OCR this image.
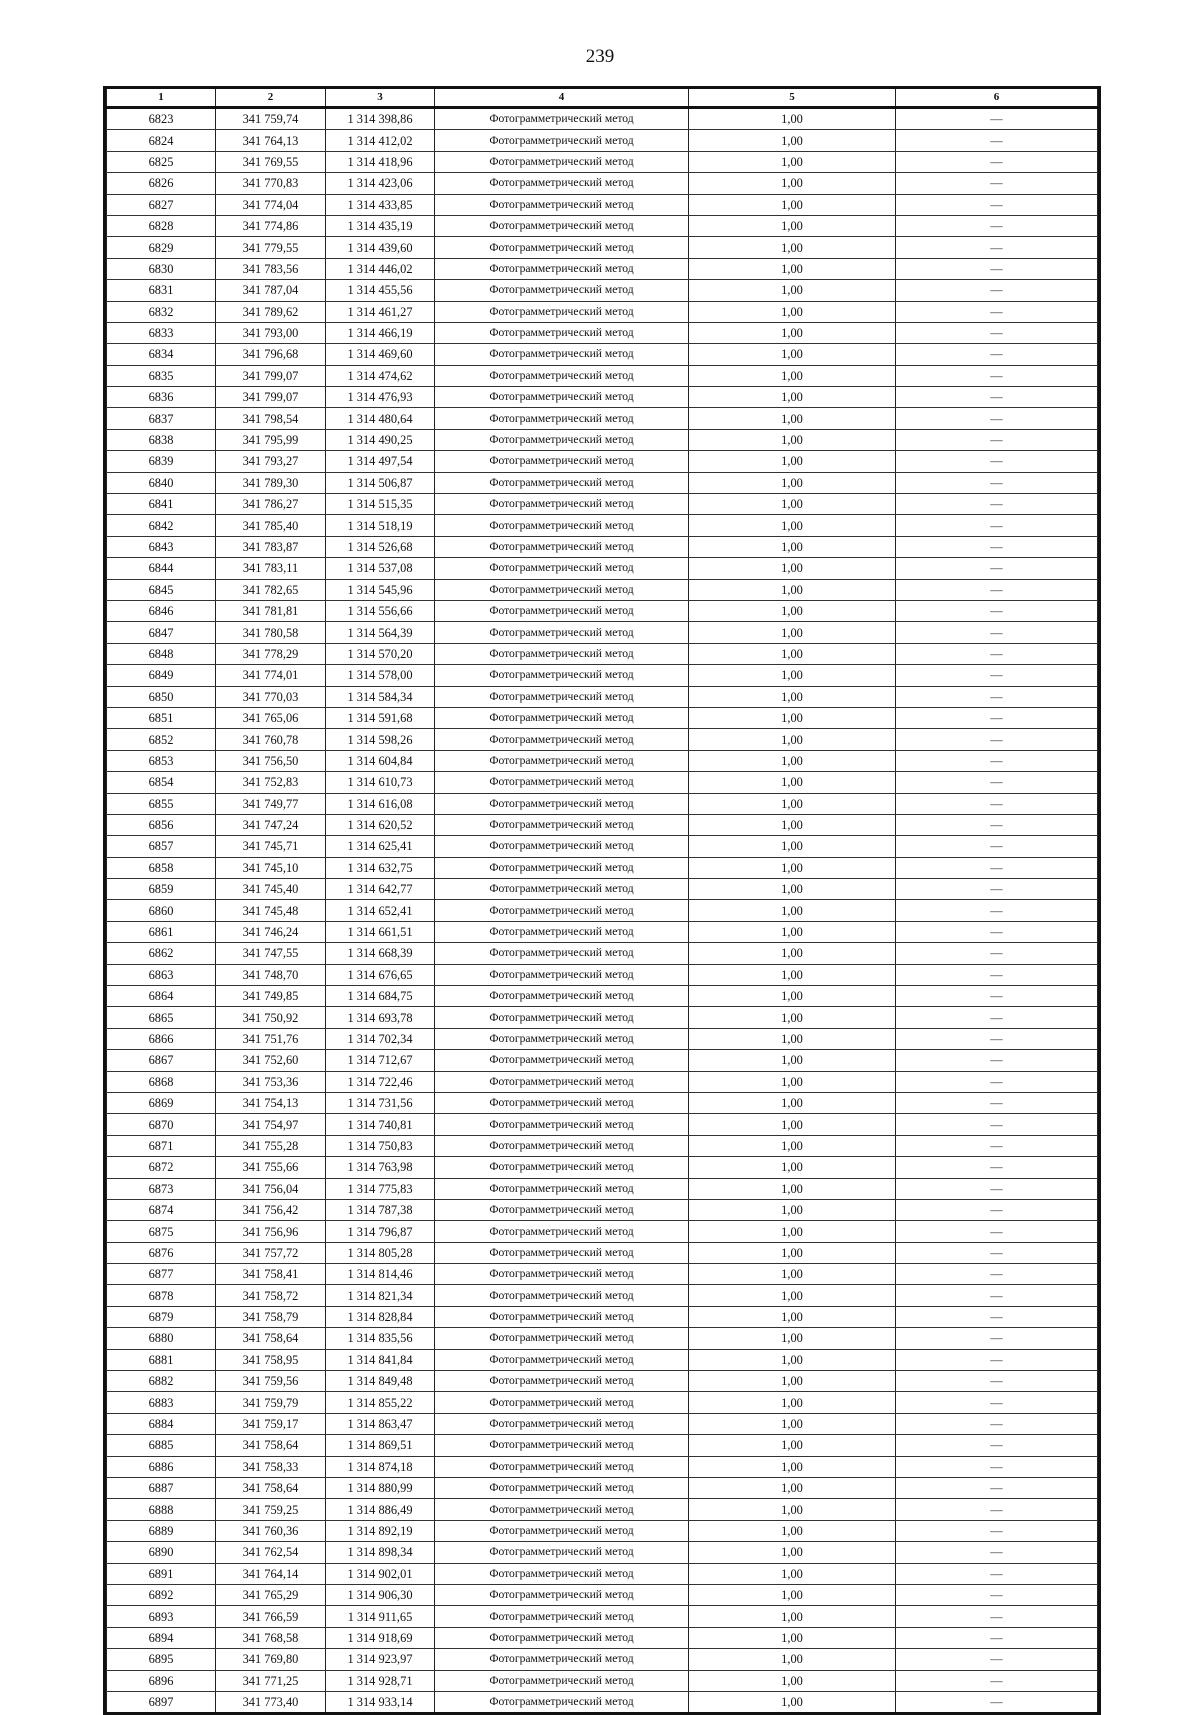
239
1	2	3	4	5	6
6823	341 759,74	1 314 398,86	Фотограмметрический метод	1,00	—
6824	341 764,13	1 314 412,02	Фотограмметрический метод	1,00	—
6825	341 769,55	1 314 418,96	Фотограмметрический метод	1,00	—
6826	341 770,83	1 314 423,06	Фотограмметрический метод	1,00	—
6827	341 774,04	1 314 433,85	Фотограмметрический метод	1,00	—
6828	341 774,86	1 314 435,19	Фотограмметрический метод	1,00	—
6829	341 779,55	1 314 439,60	Фотограмметрический метод	1,00	—
6830	341 783,56	1 314 446,02	Фотограмметрический метод	1,00	—
6831	341 787,04	1 314 455,56	Фотограмметрический метод	1,00	—
6832	341 789,62	1 314 461,27	Фотограмметрический метод	1,00	—
6833	341 793,00	1 314 466,19	Фотограмметрический метод	1,00	—
6834	341 796,68	1 314 469,60	Фотограмметрический метод	1,00	—
6835	341 799,07	1 314 474,62	Фотограмметрический метод	1,00	—
6836	341 799,07	1 314 476,93	Фотограмметрический метод	1,00	—
6837	341 798,54	1 314 480,64	Фотограмметрический метод	1,00	—
6838	341 795,99	1 314 490,25	Фотограмметрический метод	1,00	—
6839	341 793,27	1 314 497,54	Фотограмметрический метод	1,00	—
6840	341 789,30	1 314 506,87	Фотограмметрический метод	1,00	—
6841	341 786,27	1 314 515,35	Фотограмметрический метод	1,00	—
6842	341 785,40	1 314 518,19	Фотограмметрический метод	1,00	—
6843	341 783,87	1 314 526,68	Фотограмметрический метод	1,00	—
6844	341 783,11	1 314 537,08	Фотограмметрический метод	1,00	—
6845	341 782,65	1 314 545,96	Фотограмметрический метод	1,00	—
6846	341 781,81	1 314 556,66	Фотограмметрический метод	1,00	—
6847	341 780,58	1 314 564,39	Фотограмметрический метод	1,00	—
6848	341 778,29	1 314 570,20	Фотограмметрический метод	1,00	—
6849	341 774,01	1 314 578,00	Фотограмметрический метод	1,00	—
6850	341 770,03	1 314 584,34	Фотограмметрический метод	1,00	—
6851	341 765,06	1 314 591,68	Фотограмметрический метод	1,00	—
6852	341 760,78	1 314 598,26	Фотограмметрический метод	1,00	—
6853	341 756,50	1 314 604,84	Фотограмметрический метод	1,00	—
6854	341 752,83	1 314 610,73	Фотограмметрический метод	1,00	—
6855	341 749,77	1 314 616,08	Фотограмметрический метод	1,00	—
6856	341 747,24	1 314 620,52	Фотограмметрический метод	1,00	—
6857	341 745,71	1 314 625,41	Фотограмметрический метод	1,00	—
6858	341 745,10	1 314 632,75	Фотограмметрический метод	1,00	—
6859	341 745,40	1 314 642,77	Фотограмметрический метод	1,00	—
6860	341 745,48	1 314 652,41	Фотограмметрический метод	1,00	—
6861	341 746,24	1 314 661,51	Фотограмметрический метод	1,00	—
6862	341 747,55	1 314 668,39	Фотограмметрический метод	1,00	—
6863	341 748,70	1 314 676,65	Фотограмметрический метод	1,00	—
6864	341 749,85	1 314 684,75	Фотограмметрический метод	1,00	—
6865	341 750,92	1 314 693,78	Фотограмметрический метод	1,00	—
6866	341 751,76	1 314 702,34	Фотограмметрический метод	1,00	—
6867	341 752,60	1 314 712,67	Фотограмметрический метод	1,00	—
6868	341 753,36	1 314 722,46	Фотограмметрический метод	1,00	—
6869	341 754,13	1 314 731,56	Фотограмметрический метод	1,00	—
6870	341 754,97	1 314 740,81	Фотограмметрический метод	1,00	—
6871	341 755,28	1 314 750,83	Фотограмметрический метод	1,00	—
6872	341 755,66	1 314 763,98	Фотограмметрический метод	1,00	—
6873	341 756,04	1 314 775,83	Фотограмметрический метод	1,00	—
6874	341 756,42	1 314 787,38	Фотограмметрический метод	1,00	—
6875	341 756,96	1 314 796,87	Фотограмметрический метод	1,00	—
6876	341 757,72	1 314 805,28	Фотограмметрический метод	1,00	—
6877	341 758,41	1 314 814,46	Фотограмметрический метод	1,00	—
6878	341 758,72	1 314 821,34	Фотограмметрический метод	1,00	—
6879	341 758,79	1 314 828,84	Фотограмметрический метод	1,00	—
6880	341 758,64	1 314 835,56	Фотограмметрический метод	1,00	—
6881	341 758,95	1 314 841,84	Фотограмметрический метод	1,00	—
6882	341 759,56	1 314 849,48	Фотограмметрический метод	1,00	—
6883	341 759,79	1 314 855,22	Фотограмметрический метод	1,00	—
6884	341 759,17	1 314 863,47	Фотограмметрический метод	1,00	—
6885	341 758,64	1 314 869,51	Фотограмметрический метод	1,00	—
6886	341 758,33	1 314 874,18	Фотограмметрический метод	1,00	—
6887	341 758,64	1 314 880,99	Фотограмметрический метод	1,00	—
6888	341 759,25	1 314 886,49	Фотограмметрический метод	1,00	—
6889	341 760,36	1 314 892,19	Фотограмметрический метод	1,00	—
6890	341 762,54	1 314 898,34	Фотограмметрический метод	1,00	—
6891	341 764,14	1 314 902,01	Фотограмметрический метод	1,00	—
6892	341 765,29	1 314 906,30	Фотограмметрический метод	1,00	—
6893	341 766,59	1 314 911,65	Фотограмметрический метод	1,00	—
6894	341 768,58	1 314 918,69	Фотограмметрический метод	1,00	—
6895	341 769,80	1 314 923,97	Фотограмметрический метод	1,00	—
6896	341 771,25	1 314 928,71	Фотограмметрический метод	1,00	—
6897	341 773,40	1 314 933,14	Фотограмметрический метод	1,00	—
